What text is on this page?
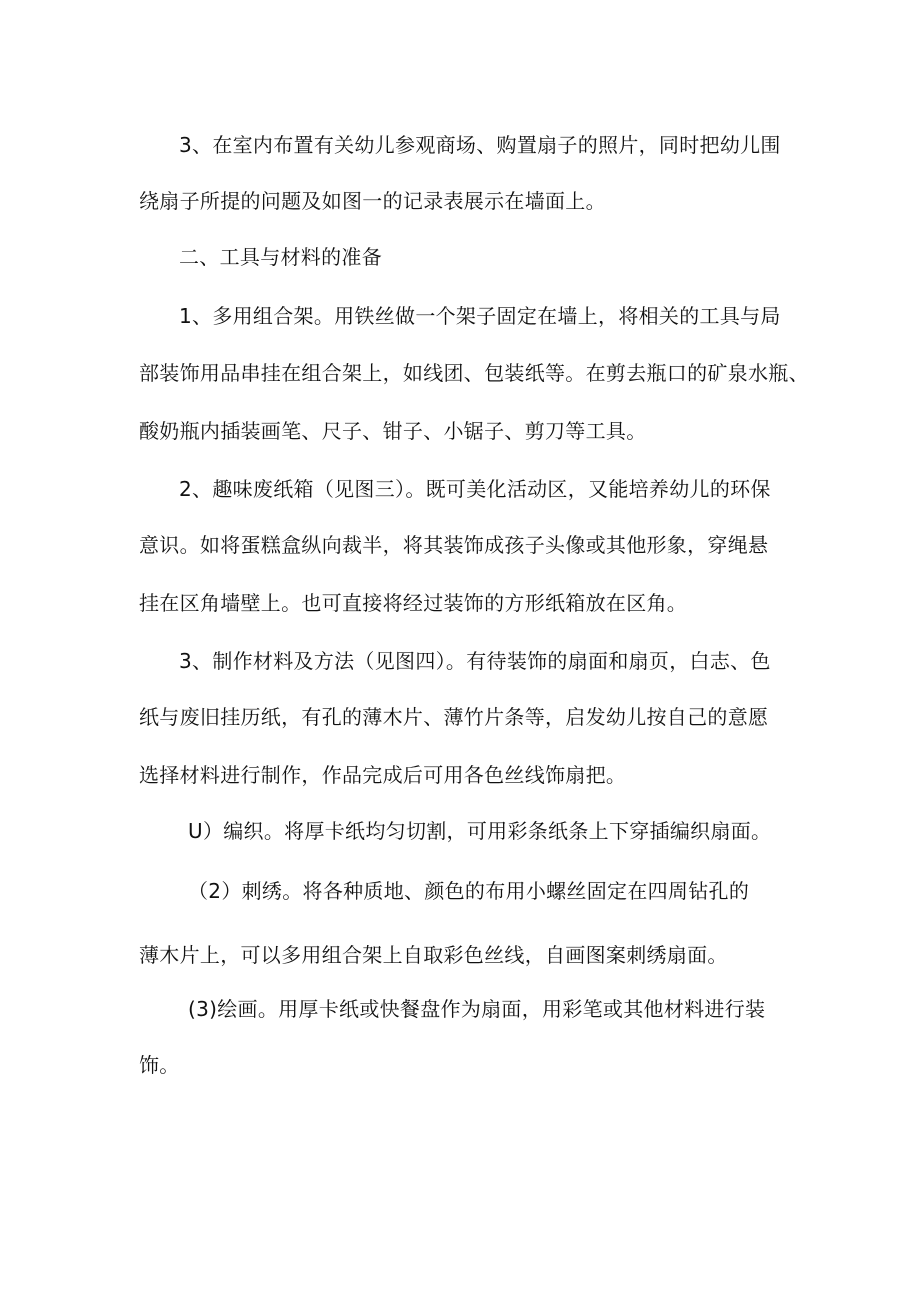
3、在室内布置有关幼儿参观商场、购置扇子的照片，同时把幼儿围
绕扇子所提的问题及如图一的记录表展示在墙面上。
二、工具与材料的准备
1、多用组合架。用铁丝做一个架子固定在墙上，将相关的工具与局
部装饰用品串挂在组合架上，如线团、包装纸等。在剪去瓶口的矿泉水瓶、
酸奶瓶内插装画笔、尺子、钳子、小锯子、剪刀等工具。
2、趣味废纸箱（见图三）。既可美化活动区，又能培养幼儿的环保
意识。如将蛋糕盒纵向裁半，将其装饰成孩子头像或其他形象，穿绳悬
挂在区角墙壁上。也可直接将经过装饰的方形纸箱放在区角。
3、制作材料及方法（见图四）。有待装饰的扇面和扇页，白志、色
纸与废旧挂历纸，有孔的薄木片、薄竹片条等，启发幼儿按自己的意愿
选择材料进行制作，作品完成后可用各色丝线饰扇把。
U）编织。将厚卡纸均匀切割，可用彩条纸条上下穿插编织扇面。
（2）刺绣。将各种质地、颜色的布用小螺丝固定在四周钻孔的
薄木片上，可以多用组合架上自取彩色丝线，自画图案刺绣扇面。
(3)绘画。用厚卡纸或快餐盘作为扇面，用彩笔或其他材料进行装
饰。
